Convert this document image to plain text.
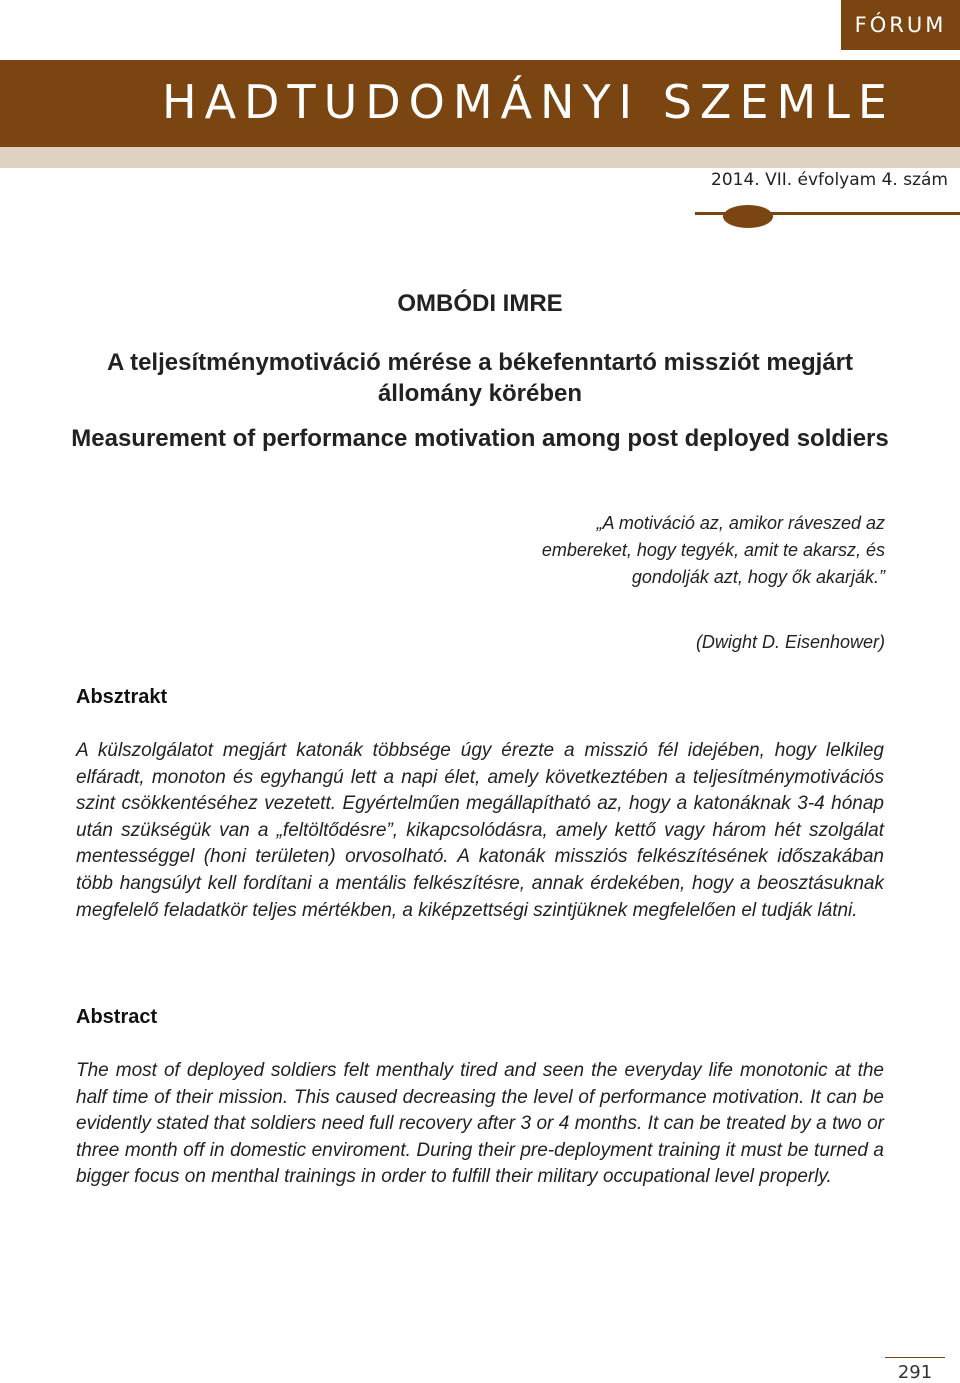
FÓRUM
HADTUDOMÁNYI SZEMLE
2014. VII. évfolyam 4. szám
OMBÓDI IMRE
A teljesítménymotiváció mérése a békefenntartó missziót megjárt állomány körében
Measurement of performance motivation among post deployed soldiers
„A motiváció az, amikor ráveszed az embereket, hogy tegyék, amit te akarsz, és gondolják azt, hogy ők akarják.”
(Dwight D. Eisenhower)
Absztrakt

A külszolgálatot megjárt katonák többsége úgy érezte a misszió fél idejében, hogy lelkileg elfáradt, monoton és egyhangú lett a napi élet, amely következtében a teljesítménymotivációs szint csökkentéséhez vezetett. Egyértelműen megállapítható az, hogy a katonáknak 3-4 hónap után szükségük van a „feltöltődésre”, kikapcsolódásra, amely kettő vagy három hét szolgálat mentességgel (honi területen) orvosolható. A katonák missziós felkészítésének időszakában több hangsúlyt kell fordítani a mentális felkészítésre, annak érdekében, hogy a beosztásuknak megfelelő feladatkör teljes mértékben, a kiképzettségi szintjüknek megfelelően el tudják látni.

Abstract

The most of deployed soldiers felt menthaly tired and seen the everyday life monotonic at the half time of their mission. This caused decreasing the level of performance motivation. It can be evidently stated that soldiers need full recovery after 3 or 4 months. It can be treated by a two or three month off in domestic enviroment. During their pre-deployment training it must be turned a bigger focus on menthal trainings in order to fulfill their military occupational level properly.

291
